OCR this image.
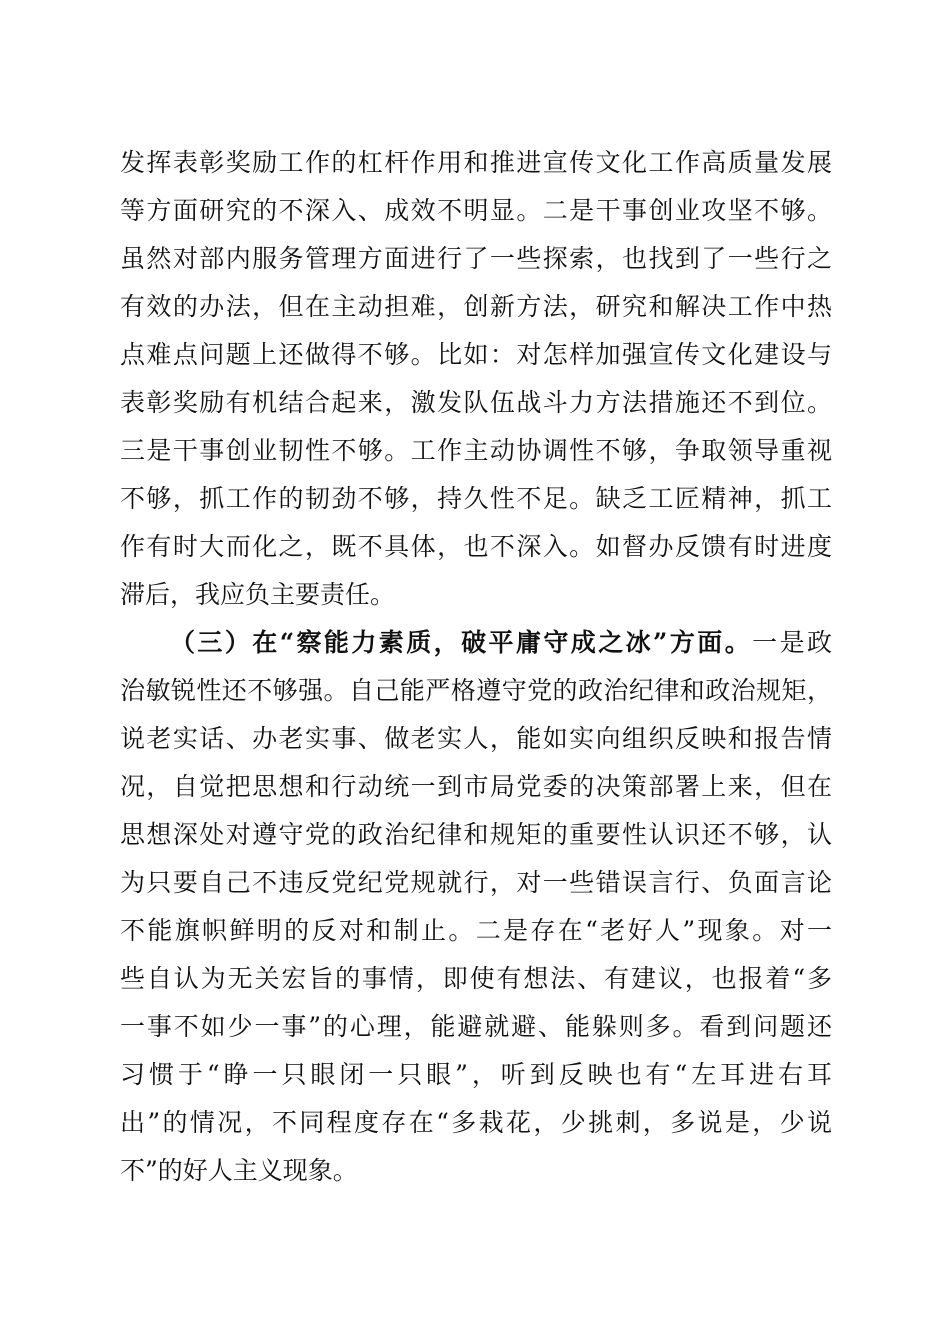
发挥表彰奖励工作的杠杆作用和推进宣传文化工作高质量发展
等方面研究的不深入、成效不明显。二是干事创业攻坚不够。
虽然对部内服务管理方面进行了一些探索，也找到了一些行之
有效的办法，但在主动担难，创新方法，研究和解决工作中热
点难点问题上还做得不够。比如：对怎样加强宣传文化建设与
表彰奖励有机结合起来，激发队伍战斗力方法措施还不到位。
三是干事创业韧性不够。工作主动协调性不够，争取领导重视
不够，抓工作的韧劲不够，持久性不足。缺乏工匠精神，抓工
作有时大而化之，既不具体，也不深入。如督办反馈有时进度
滞后，我应负主要责任。
（三）在“察能力素质，破平庸守成之冰”方面。一是政
治敏锐性还不够强。自己能严格遵守党的政治纪律和政治规矩，
说老实话、办老实事、做老实人，能如实向组织反映和报告情
况，自觉把思想和行动统一到市局党委的决策部署上来，但在
思想深处对遵守党的政治纪律和规矩的重要性认识还不够，认
为只要自己不违反党纪党规就行，对一些错误言行、负面言论
不能旗帜鲜明的反对和制止。二是存在“老好人”现象。对一
些自认为无关宏旨的事情，即使有想法、有建议，也报着“多
一事不如少一事”的心理，能避就避、能躲则多。看到问题还
习惯于“睁一只眼闭一只眼”，听到反映也有“左耳进右耳
出”的情况，不同程度存在“多栽花，少挑刺，多说是，少说
不”的好人主义现象。
